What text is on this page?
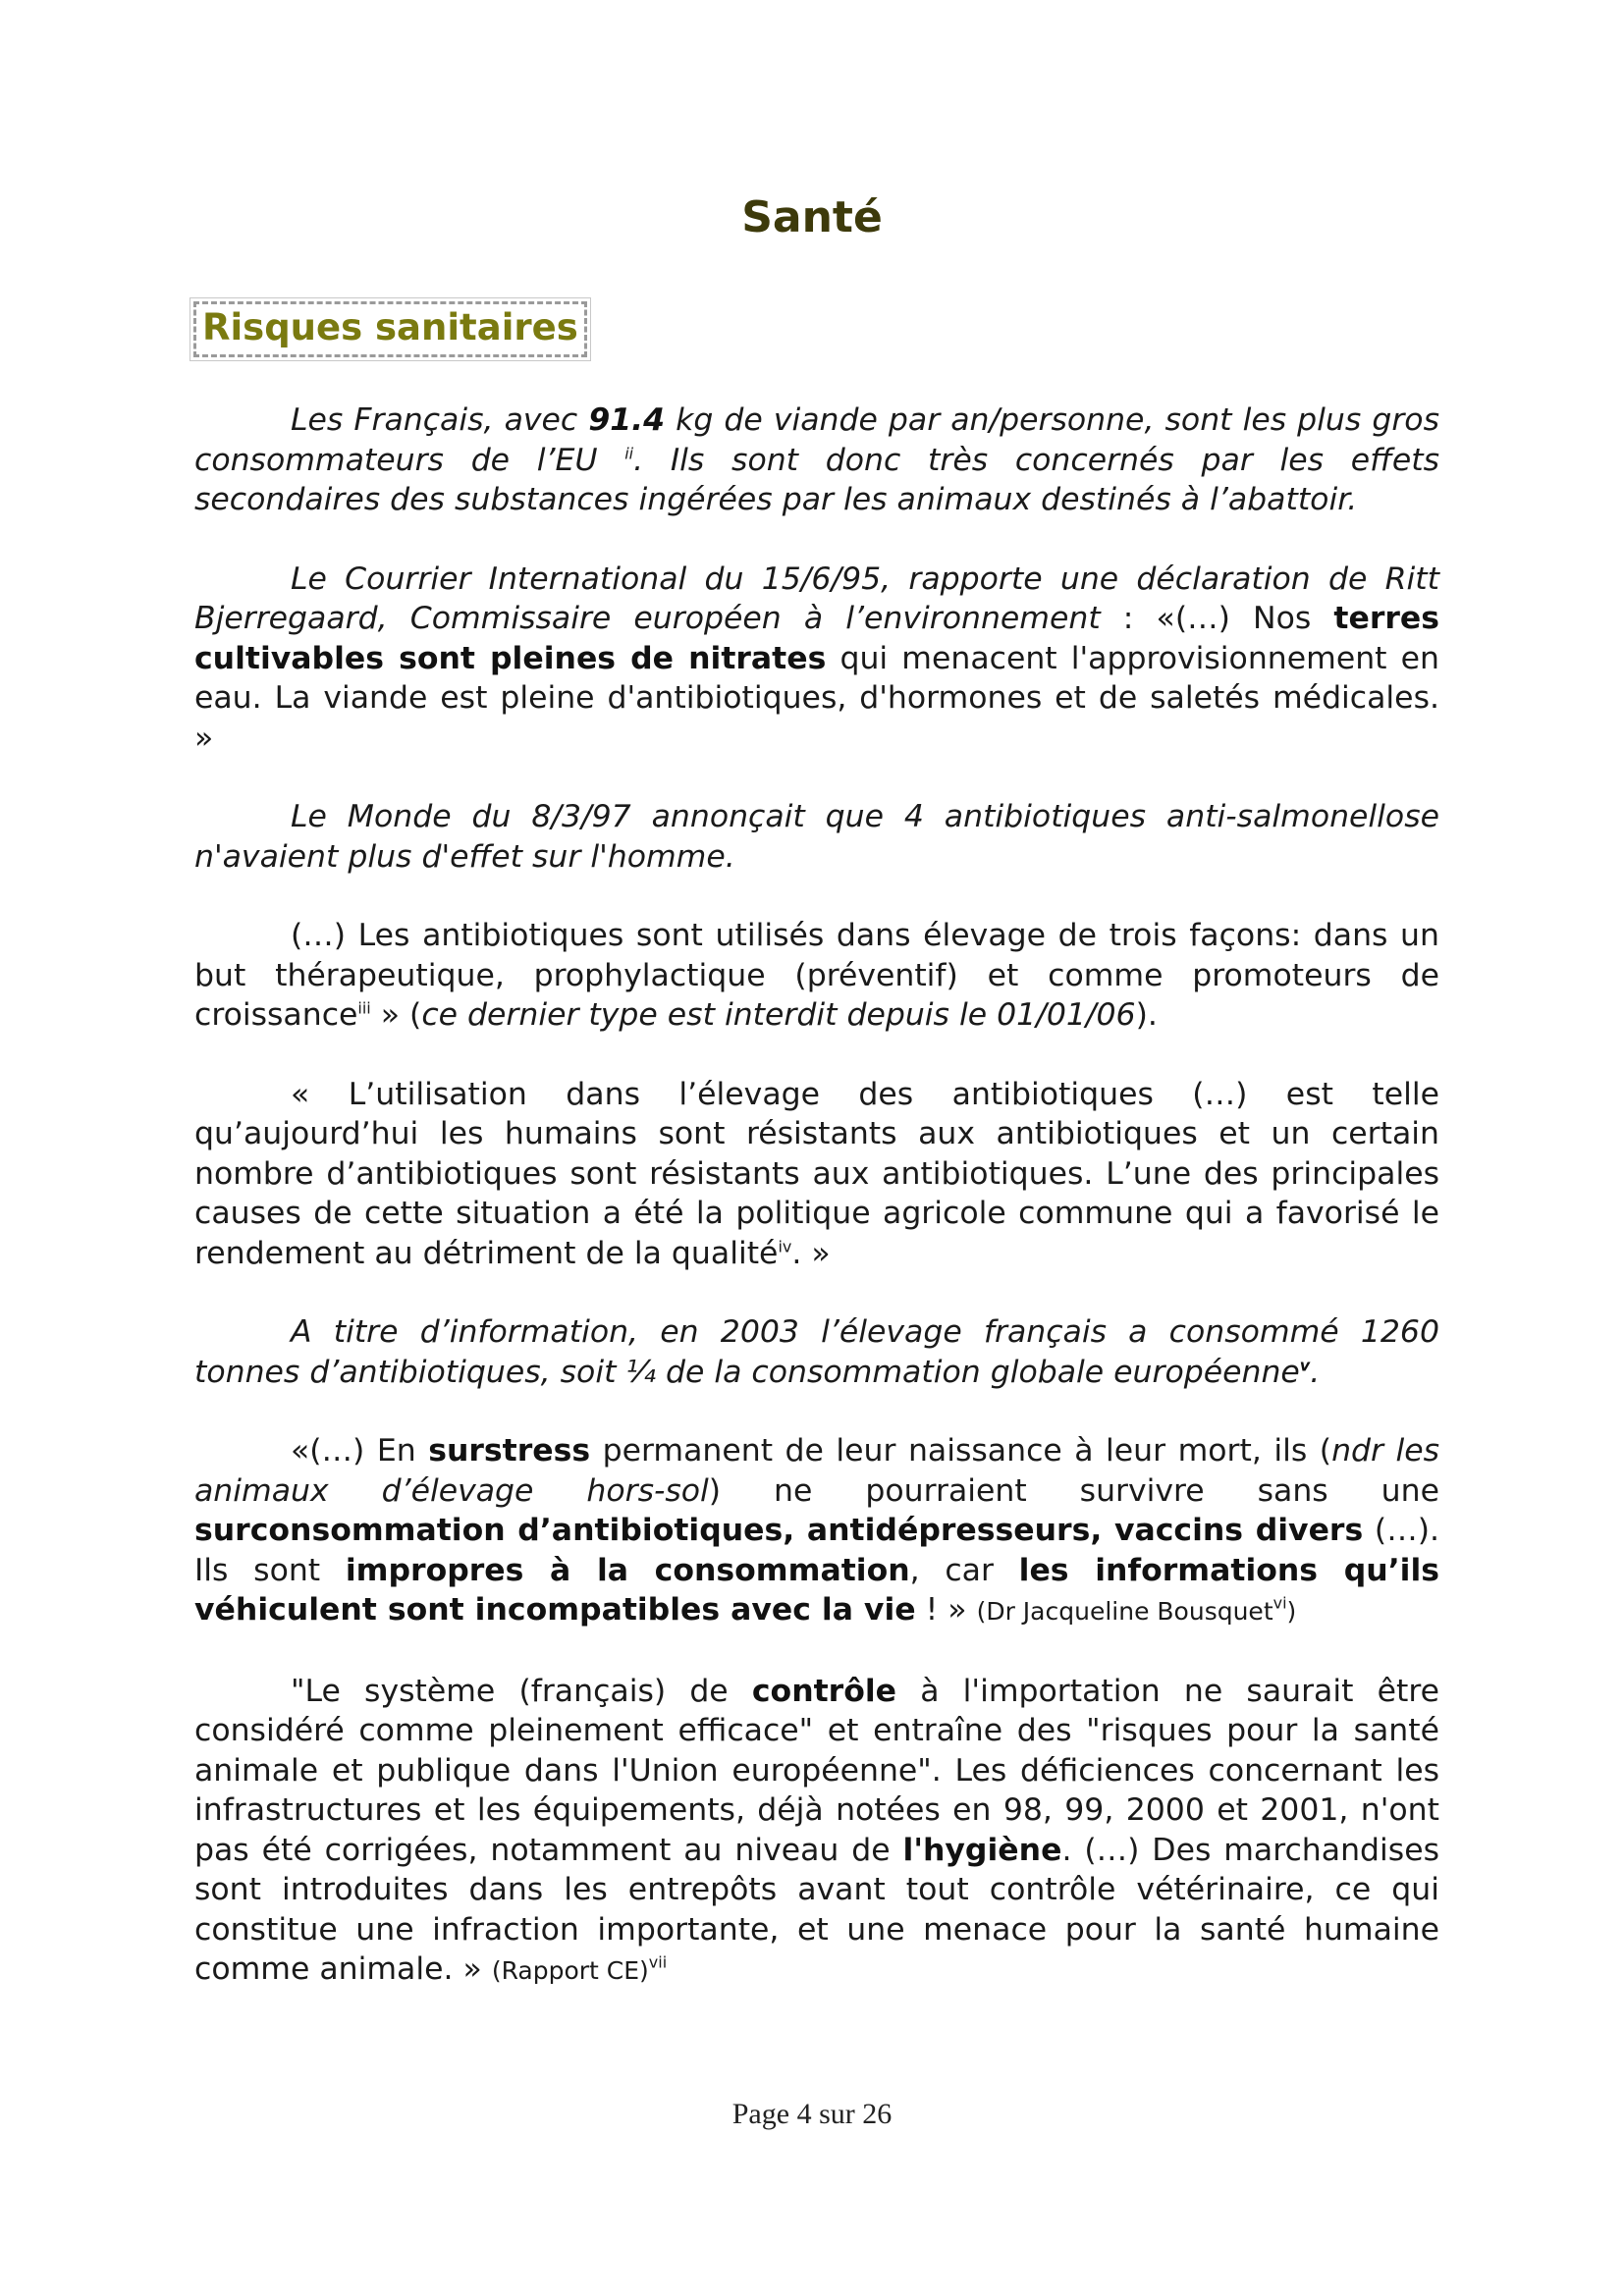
Santé
Risques sanitaires

Les Français, avec 91.4 kg de viande par an/personne, sont les plus gros consommateurs de l’EU $^{ii}$. Ils sont donc très concernés par les effets secondaires des substances ingérées par les animaux destinés à l’abattoir.

Le Courrier International du 15/6/95, rapporte une déclaration de Ritt Bjerregaard, Commissaire européen à l’environnement : «(…) Nos terres cultivables sont pleines de nitrates qui menacent l'approvisionnement en eau. La viande est pleine d'antibiotiques, d'hormones et de saletés médicales. »

Le Monde du 8/3/97 annonçait que 4 antibiotiques anti-salmonellose n'avaient plus d'effet sur l'homme.

(…) Les antibiotiques sont utilisés dans élevage de trois façons: dans un but thérapeutique, prophylactique (préventif) et comme promoteurs de croissance$^{iii}$ » (ce dernier type est interdit depuis le 01/01/06).

« L’utilisation dans l’élevage des antibiotiques (…) est telle qu’aujourd’hui les humains sont résistants aux antibiotiques et un certain nombre d’antibiotiques sont résistants aux antibiotiques. L’une des principales causes de cette situation a été la politique agricole commune qui a favorisé le rendement au détriment de la qualité$^{iv}$. »

A titre d’information, en 2003 l’élevage français a consommé 1260 tonnes d’antibiotiques, soit ¼ de la consommation globale européenne$^v$.

«(…) En surstress permanent de leur naissance à leur mort, ils (ndr les animaux d’élevage hors-sol) ne pourraient survivre sans une surconsommation d’antibiotiques, antidépresseurs, vaccins divers (…). Ils sont impropres à la consommation, car les informations qu’ils véhiculent sont incompatibles avec la vie ! » (Dr Jacqueline Bousquet$^{vi}$)

"Le système (français) de contrôle à l'importation ne saurait être considéré comme pleinement efficace" et entraîne des "risques pour la santé animale et publique dans l'Union européenne". Les déficiences concernant les infrastructures et les équipements, déjà notées en 98, 99, 2000 et 2001, n'ont pas été corrigées, notamment au niveau de l'hygiène. (…) Des marchandises sont introduites dans les entrepôts avant tout contrôle vétérinaire, ce qui constitue une infraction importante, et une menace pour la santé humaine comme animale. » (Rapport CE)$^{vii}$

Page 4 sur 26
